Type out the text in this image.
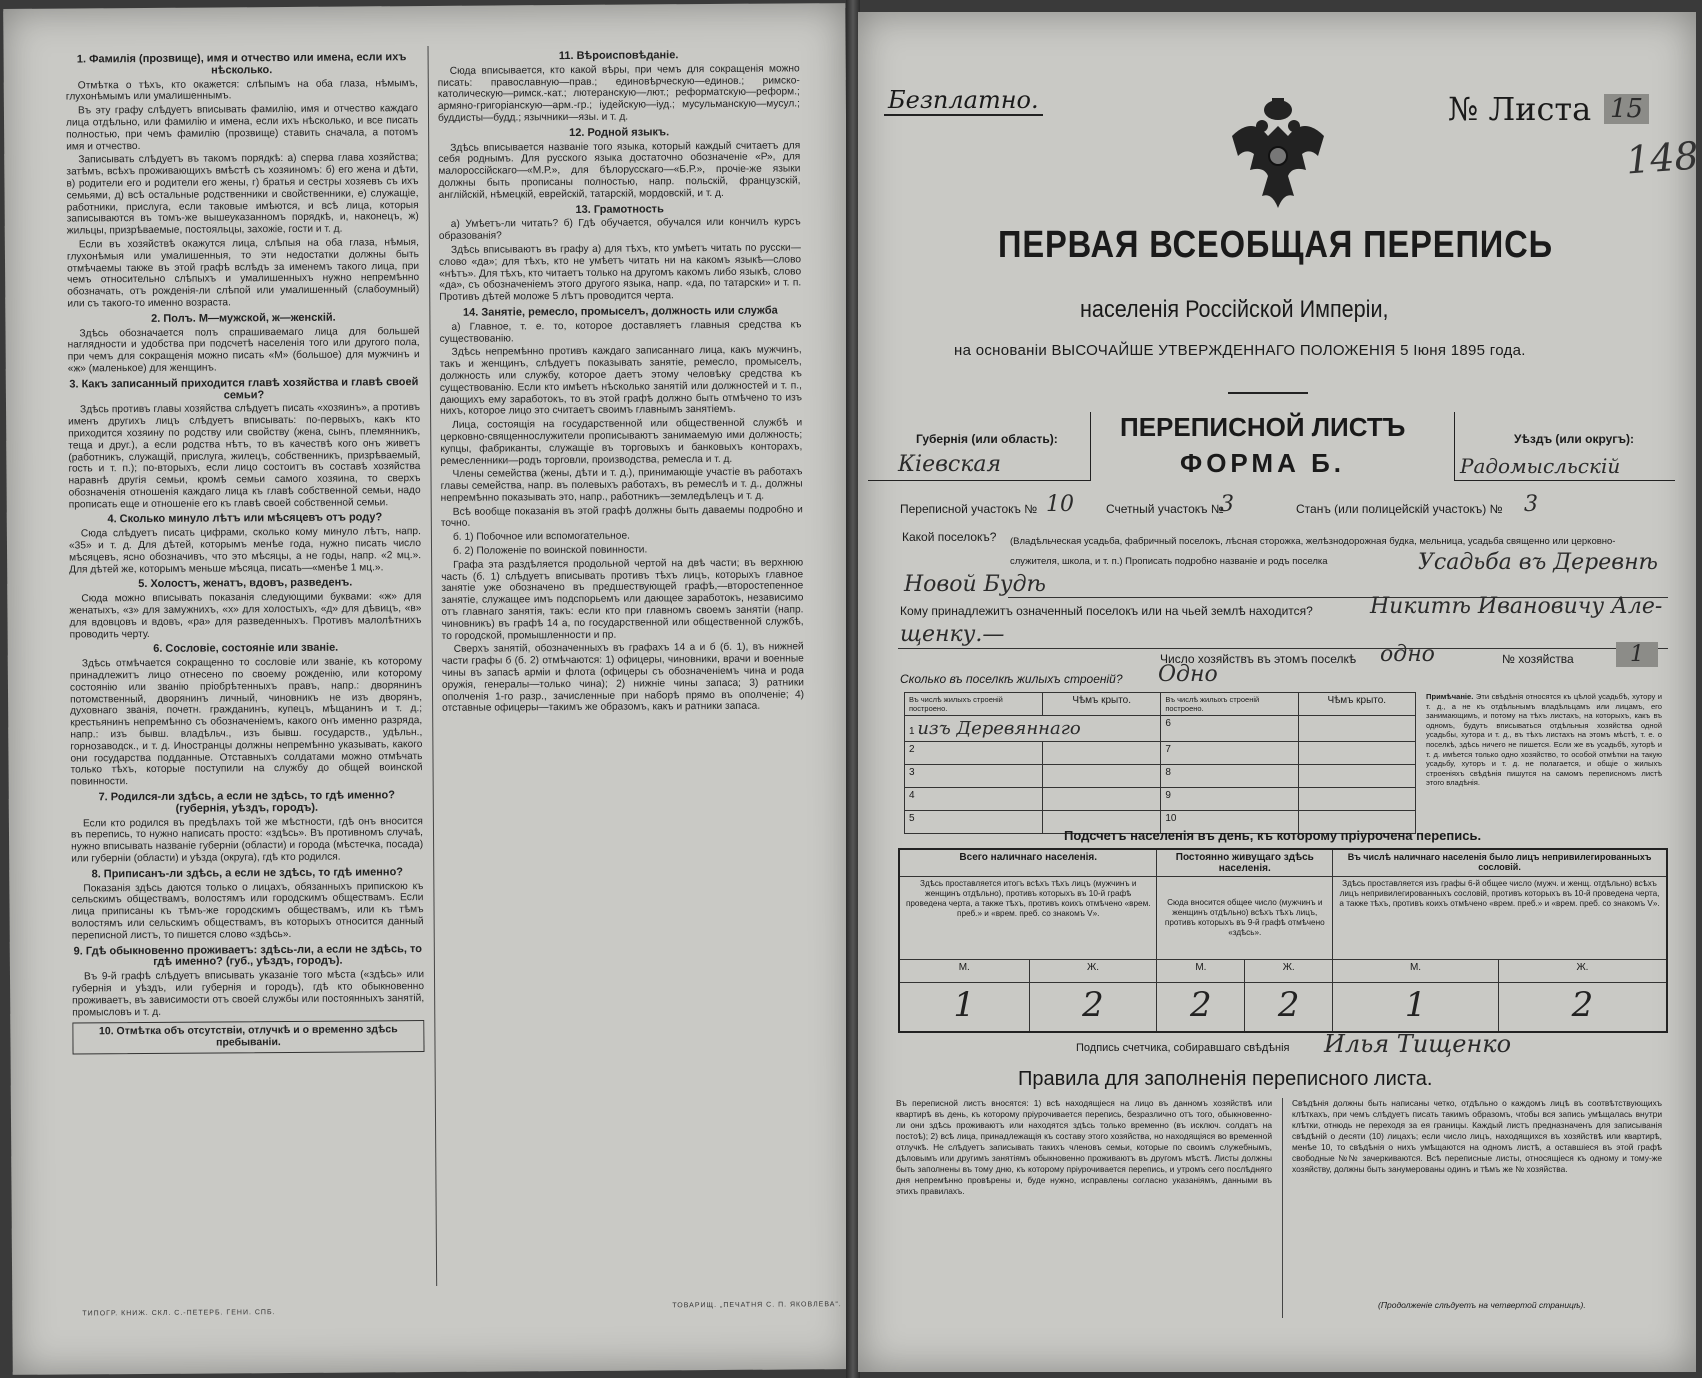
1. Фамилія (прозвище), имя и отчество или имена, если ихъ нѣсколько.

Отмѣтка о тѣхъ, кто окажется: слѣпымъ на оба глаза, нѣмымъ, глухонѣмымъ или умалишеннымъ.

Въ эту графу слѣдуетъ вписывать фамилію, имя и отчество каждаго лица отдѣльно, или фамилію и имена, если ихъ нѣсколько, и все писать полностью, при чемъ фамилію (прозвище) ставить сначала, а потомъ имя и отчество.

Записывать слѣдуетъ въ такомъ порядкѣ: а) сперва глава хозяйства; затѣмъ, всѣхъ проживающихъ вмѣстѣ съ хозяиномъ: б) его жена и дѣти, в) родители его и родители его жены, г) братья и сестры хозяевъ съ ихъ семьями, д) всѣ остальные родственники и свойственники, е) служащіе, работники, прислуга, если таковые имѣются, и всѣ лица, которыя записываются въ томъ-же вышеуказанномъ порядкѣ, и, наконецъ, ж) жильцы, призрѣваемые, постояльцы, захожіе, гости и т. д.

Если въ хозяйствѣ окажутся лица, слѣпыя на оба глаза, нѣмыя, глухонѣмыя или умалишенныя, то эти недостатки должны быть отмѣчаемы также въ этой графѣ вслѣдъ за именемъ такого лица, при чемъ относительно слѣпыхъ и умалишенныхъ нужно непремѣнно обозначать, отъ рожденія-ли слѣпой или умалишенный (слабоумный) или съ такого-то именно возраста.

2. Полъ. М—мужской, ж—женскій.

Здѣсь обозначается полъ спрашиваемаго лица для большей наглядности и удобства при подсчетѣ населенія того или другого пола, при чемъ для сокращенія можно писать «М» (большое) для мужчинъ и «ж» (маленькое) для женщинъ.

3. Какъ записанный приходится главѣ хозяйства и главѣ своей семьи?

Здѣсь противъ главы хозяйства слѣдуетъ писать «хозяинъ», а противъ именъ другихъ лицъ слѣдуетъ вписывать: по-первыхъ, какъ кто приходится хозяину по родству или свойству (жена, сынъ, племянникъ, теща и друг.), а если родства нѣтъ, то въ качествѣ кого онъ живетъ (работникъ, служащій, прислуга, жилецъ, собственникъ, призрѣваемый, гость и т. п.); по-вторыхъ, если лицо состоитъ въ составѣ хозяйства наравнѣ другія семьи, кромѣ семьи самого хозяина, то сверхъ обозначенія отношенія каждаго лица къ главѣ собственной семьи, надо прописать еще и отношеніе его къ главѣ своей собственной семьи.

4. Сколько минуло лѣтъ или мѣсяцевъ отъ роду?

Сюда слѣдуетъ писать цифрами, сколько кому минуло лѣтъ, напр. «35» и т. д. Для дѣтей, которымъ менѣе года, нужно писать число мѣсяцевъ, ясно обозначивъ, что это мѣсяцы, а не годы, напр. «2 мц.». Для дѣтей же, которымъ меньше мѣсяца, писать—«менѣе 1 мц.».

5. Холостъ, женатъ, вдовъ, разведенъ.

Сюда можно вписывать показанія следующими буквами: «ж» для женатыхъ, «з» для замужнихъ, «х» для холостыхъ, «д» для дѣвицъ, «в» для вдовцовъ и вдовъ, «ра» для разведенныхъ. Противъ малолѣтнихъ проводить черту.

6. Сословіе, состояніе или званіе.

Здѣсь отмѣчается сокращенно то сословіе или званіе, къ которому принадлежитъ лицо отнесено по своему рожденію, или которому состоянію или званію пріобрѣтенныхъ правъ, напр.: дворянинъ потомственный, дворянинъ личный, чиновникъ не изъ дворянъ, духовнаго званія, почетн. гражданинъ, купецъ, мѣщанинъ и т. д.; крестьянинъ непремѣнно съ обозначеніемъ, какого онъ именно разряда, напр.: изъ бывш. владѣльч., изъ бывш. государств., удѣльн., горнозаводск., и т. д. Иностранцы должны непремѣнно указывать, какого они государства подданные. Отставныхъ солдатами можно отмѣчать только тѣхъ, которые поступили на службу до общей воинской повинности.

7. Родился-ли здѣсь, а если не здѣсь, то гдѣ именно? (губернія, уѣздъ, городъ).

Если кто родился въ предѣлахъ той же мѣстности, гдѣ онъ вносится въ перепись, то нужно написать просто: «здѣсь». Въ противномъ случаѣ, нужно вписывать названіе губерніи (области) и города (мѣстечка, посада) или губерніи (области) и уѣзда (округа), гдѣ кто родился.

8. Приписанъ-ли здѣсь, а если не здѣсь, то гдѣ именно?

Показанія здѣсь даются только о лицахъ, обязанныхъ припискою къ сельскимъ обществамъ, волостямъ или городскимъ обществамъ. Если лица приписаны къ тѣмъ-же городскимъ обществамъ, или къ тѣмъ волостямъ или сельскимъ обществамъ, въ которыхъ относится данный переписной листъ, то пишется слово «здѣсь».

9. Гдѣ обыкновенно проживаетъ: здѣсь-ли, а если не здѣсь, то гдѣ именно? (губ., уѣздъ, городъ).

Въ 9-й графѣ слѣдуетъ вписывать указаніе того мѣста («здѣсь» или губернія и уѣздъ, или губернія и городъ), гдѣ кто обыкновенно проживаетъ, въ зависимости отъ своей службы или постоянныхъ занятій, промысловъ и т. д.

10. Отмѣтка объ отсутствіи, отлучкѣ и о временно здѣсь пребываніи.
11. Вѣроисповѣданіе.

Сюда вписывается, кто какой вѣры, при чемъ для сокращенія можно писать: православную—прав.; единовѣрческую—единов.; римско-католическую—римск.-кат.; лютеранскую—лют.; реформатскую—реформ.; армяно-григоріанскую—арм.-гр.; іудейскую—іуд.; мусульманскую—мусул.; буддисты—будд.; язычники—язы. и т. д.

12. Родной языкъ.

Здѣсь вписывается названіе того языка, который каждый считаетъ для себя роднымъ. Для русского языка достаточно обозначеніе «Р», для малороссійскаго—«М.Р.», для бѣлорусскаго—«Б.Р.», прочіе-же языки должны быть прописаны полностью, напр. польскій, французскій, англійскій, нѣмецкій, еврейскій, татарскій, мордовскій, и т. д.

13. Грамотность

а) Умѣетъ-ли читать? б) Гдѣ обучается, обучался или кончилъ курсъ образованія?

Здѣсь вписываютъ въ графу а) для тѣхъ, кто умѣетъ читать по русски—слово «да»; для тѣхъ, кто не умѣетъ читать ни на какомъ языкѣ—слово «нѣтъ». Для тѣхъ, кто читаетъ только на другомъ какомъ либо языкѣ, слово «да», съ обозначеніемъ этого другого языка, напр. «да, по татарски» и т. п. Противъ дѣтей моложе 5 лѣтъ проводится черта.

14. Занятіе, ремесло, промыселъ, должность или служба

а) Главное, т. е. то, которое доставляетъ главныя средства къ существованію.

Здѣсь непремѣнно противъ каждаго записаннаго лица, какъ мужчинъ, такъ и женщинъ, слѣдуетъ показывать занятіе, ремесло, промыселъ, должность или службу, которое даетъ этому человѣку средства къ существованію. Если кто имѣетъ нѣсколько занятій или должностей и т. п., дающихъ ему заработокъ, то въ этой графѣ должно быть отмѣчено то изъ нихъ, которое лицо это считаетъ своимъ главнымъ занятіемъ.

Лица, состоящія на государственной или общественной службѣ и церковно-священнослужители прописываютъ занимаемую ими должность; купцы, фабриканты, служащіе въ торговыхъ и банковыхъ конторахъ, ремесленники—родъ торговли, производства, ремесла и т. д.

Члены семейства (жены, дѣти и т. д.), принимающіе участіе въ работахъ главы семейства, напр. въ полевыхъ работахъ, въ ремеслѣ и т. д., должны непремѣнно показывать это, напр., работникъ—земледѣлецъ и т. д.

Всѣ вообще показанія въ этой графѣ должны быть даваемы подробно и точно.

б. 1) Побочное или вспомогательное.

б. 2) Положеніе по воинской повинности.

Графа эта раздѣляется продольной чертой на двѣ части; въ верхнюю часть (б. 1) слѣдуетъ вписывать противъ тѣхъ лицъ, которыхъ главное занятіе уже обозначено въ предшествующей графѣ,—второстепенное занятіе, служащее имъ подспорьемъ или дающее заработокъ, независимо отъ главнаго занятія, такъ: если кто при главномъ своемъ занятіи (напр. чиновникъ) въ графѣ 14 а, по государственной или общественной службѣ, то городской, промышленности и пр.

Сверхъ занятій, обозначенныхъ въ графахъ 14 а и б (б. 1), въ нижней части графы б (б. 2) отмѣчаются: 1) офицеры, чиновники, врачи и военные чины въ запасѣ арміи и флота (офицеры съ обозначеніемъ чина и рода оружія, генералы—только чина); 2) нижніе чины запаса; 3) ратники ополченія 1-го разр., зачисленные при наборѣ прямо въ ополченіе; 4) отставные офицеры—такимъ же образомъ, какъ и ратники запаса.

ТИПОГР. КНИЖ. СКЛ. С.-ПЕТЕРБ. ГЕНИ. СПБ.
ТОВАРИЩ. „ПЕЧАТНЯ С. П. ЯКОВЛЕВА“.
Безплатно.	№ Листа 15
148
ПЕРВАЯ ВСЕОБЩАЯ ПЕРЕПИСЬ
населенія Россійской Имперіи,
на основаніи ВЫСОЧАЙШЕ УТВЕРЖДЕННАГО ПОЛОЖЕНІЯ 5 Іюня 1895 года.
Губернія (или область):
Кіевская
ПЕРЕПИСНОЙ ЛИСТЪ
ФОРМА Б.
Уѣздъ (или округъ):
Радомысльскій
Переписной участокъ № 10	Счетный участокъ №
3	Станъ (или полицейскій участокъ) № 3
Какой поселокъ? (Владѣльческая усадьба, фабричный поселокъ, лѣсная сторожка, желѣзнодорожная будка, мельница, усадьба священно или церковно-служителя, школа, и т. п.) Прописать подробно названіе и родъ поселка	Усадьба въ Деревнѣ
Новой Будѣ
Кому принадлежитъ означенный поселокъ или на чьей землѣ находится?	Никитѣ Ивановичу Але-
щенку.—
Число хозяйствъ въ этомъ поселкѣ одно	№ хозяйства	1
Сколько въ поселкѣ жилыхъ строеній? Одно
Въ числѣ жилыхъ строеній построено.	Чѣмъ крыто.	Въ числѣ жилыхъ строеній построено.	Чѣмъ крыто.
1 изъ Деревяннаго		6	
2		7	
3		8	
4		9	
5		10	
Примѣчаніе. Эти свѣдѣнія относятся къ цѣлой усадьбѣ, хутору и т. д., а не къ отдѣльнымъ владѣльцамъ или лицамъ, его занимающимъ, и потому на тѣхъ листахъ, на которыхъ, какъ въ одномъ, будутъ вписываться отдѣльныя хозяйства одной усадьбы, хутора и т. д., въ тѣхъ листахъ на этомъ мѣстѣ, т. е. о поселкѣ, здѣсь ничего не пишется. Если же въ усадьбѣ, хуторѣ и т. д. имѣется только одно хозяйство, то особой отмѣтки на такую усадьбу, хуторъ и т. д. не полагается, и общіе о жилыхъ строеніяхъ свѣдѣнія пишутся на самомъ переписномъ листѣ этого владѣнія.
Подсчетъ населенія въ день, къ которому пріурочена перепись.
Всего наличнаго населенія.		Постоянно живущаго здѣсь населенія.		Въ числѣ наличнаго населенія было лицъ непривилегированныхъ сословій.	
Здѣсь проставляется итогъ всѣхъ тѣхъ лицъ (мужчинъ и женщинъ отдѣльно), противъ которыхъ въ 10-й графѣ проведена черта, а также тѣхъ, противъ коихъ отмѣчено «врем. преб.» и «врем. преб. со знакомъ V».		Сюда вносится общее число (мужчинъ и женщинъ отдѣльно) всѣхъ тѣхъ лицъ, противъ которыхъ въ 9-й графѣ отмѣчено «здѣсь».		Здѣсь проставляется изъ графы 6-й общее число (мужч. и женщ. отдѣльно) всѣхъ лицъ непривилегированныхъ сословій, противъ которыхъ въ 10-й проведена черта, а также тѣхъ, противъ коихъ отмѣчено «врем. преб.» и «врем. преб. со знакомъ V».	
М.	Ж.	М.	Ж.	М.	Ж.
1	2	2	2	1	2
Подпись счетчика, собиравшаго свѣдѣнія Илья Тищенко
Правила для заполненія переписного листа.
Въ переписной листъ вносятся: 1) всѣ находящіеся на лицо въ данномъ хозяйствѣ или квартирѣ въ день, къ которому пріурочивается перепись, безразлично отъ того, обыкновенно-ли они здѣсь проживаютъ или находятся здѣсь только временно (въ исключ. солдатъ на постоѣ); 2) всѣ лица, принадлежащія къ составу этого хозяйства, но находящіяся во временной отлучкѣ. Не слѣдуетъ записывать такихъ членовъ семьи, которые по своимъ служебнымъ, дѣловымъ или другимъ занятіямъ обыкновенно проживаютъ въ другомъ мѣстѣ. Листы должны быть заполнены въ тому дню, къ которому пріурочивается перепись, и утромъ сего послѣдняго дня непремѣнно провѣрены и, буде нужно, исправлены согласно указаніямъ, данными въ этихъ правилахъ.
Свѣдѣнія должны быть написаны четко, отдѣльно о каждомъ лицѣ въ соотвѣтствующихъ клѣткахъ, при чемъ слѣдуетъ писать такимъ образомъ, чтобы вся запись умѣщалась внутри клѣтки, отнюдь не переходя за ея границы. Каждый листъ предназначенъ для записыванія свѣдѣній о десяти (10) лицахъ; если число лицъ, находящихся въ хозяйствѣ или квартирѣ, менѣе 10, то свѣдѣнія о нихъ умѣщаются на одномъ листѣ, а оставшіеся въ этой графѣ свободные №№ зачеркиваются. Всѣ переписные листы, относящіеся къ одному и тому-же хозяйству, должны быть занумерованы одинъ и тѣмъ же № хозяйства.
(Продолженіе слѣдуетъ на четвертой страницѣ).
